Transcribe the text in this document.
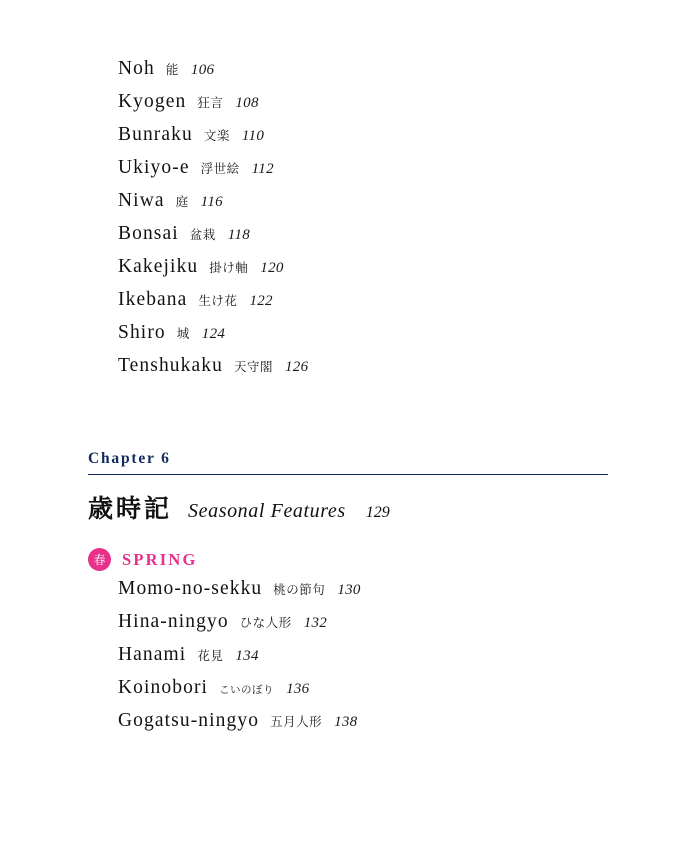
Noh 能 106
Kyogen 狂言 108
Bunraku 文楽 110
Ukiyo-e 浮世絵 112
Niwa 庭 116
Bonsai 盆栽 118
Kakejiku 掛け軸 120
Ikebana 生け花 122
Shiro 城 124
Tenshukaku 天守閣 126
Chapter 6
歳時記 Seasonal Features 129
春	SPRING
Momo-no-sekku 桃の節句 130
Hina-ningyo ひな人形 132
Hanami 花見 134
Koinobori こいのぼり 136
Gogatsu-ningyo 五月人形 138
